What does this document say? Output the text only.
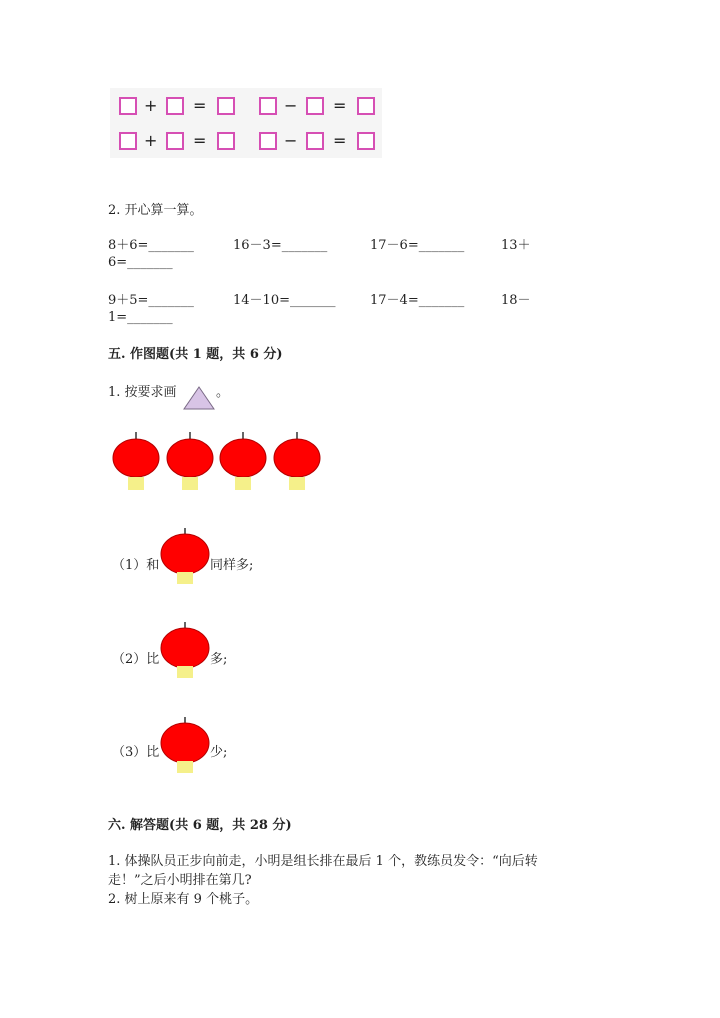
+ =	− =
+ =	− =
2. 开心算一算。
8＋6=_______	16－3=_______	17－6=_______	13＋
6=_______
9＋5=_______	14－10=_______	17－4=_______	18－
1=_______
五. 作图题(共 1 题，共 6 分)
1. 按要求画	。
（1）和	同样多;
（2）比	多;
（3）比	少;
六. 解答题(共 6 题，共 28 分)
1. 体操队员正步向前走，小明是组长排在最后 1 个，教练员发令：“向后转
走！”之后小明排在第几?
2. 树上原来有 9 个桃子。
